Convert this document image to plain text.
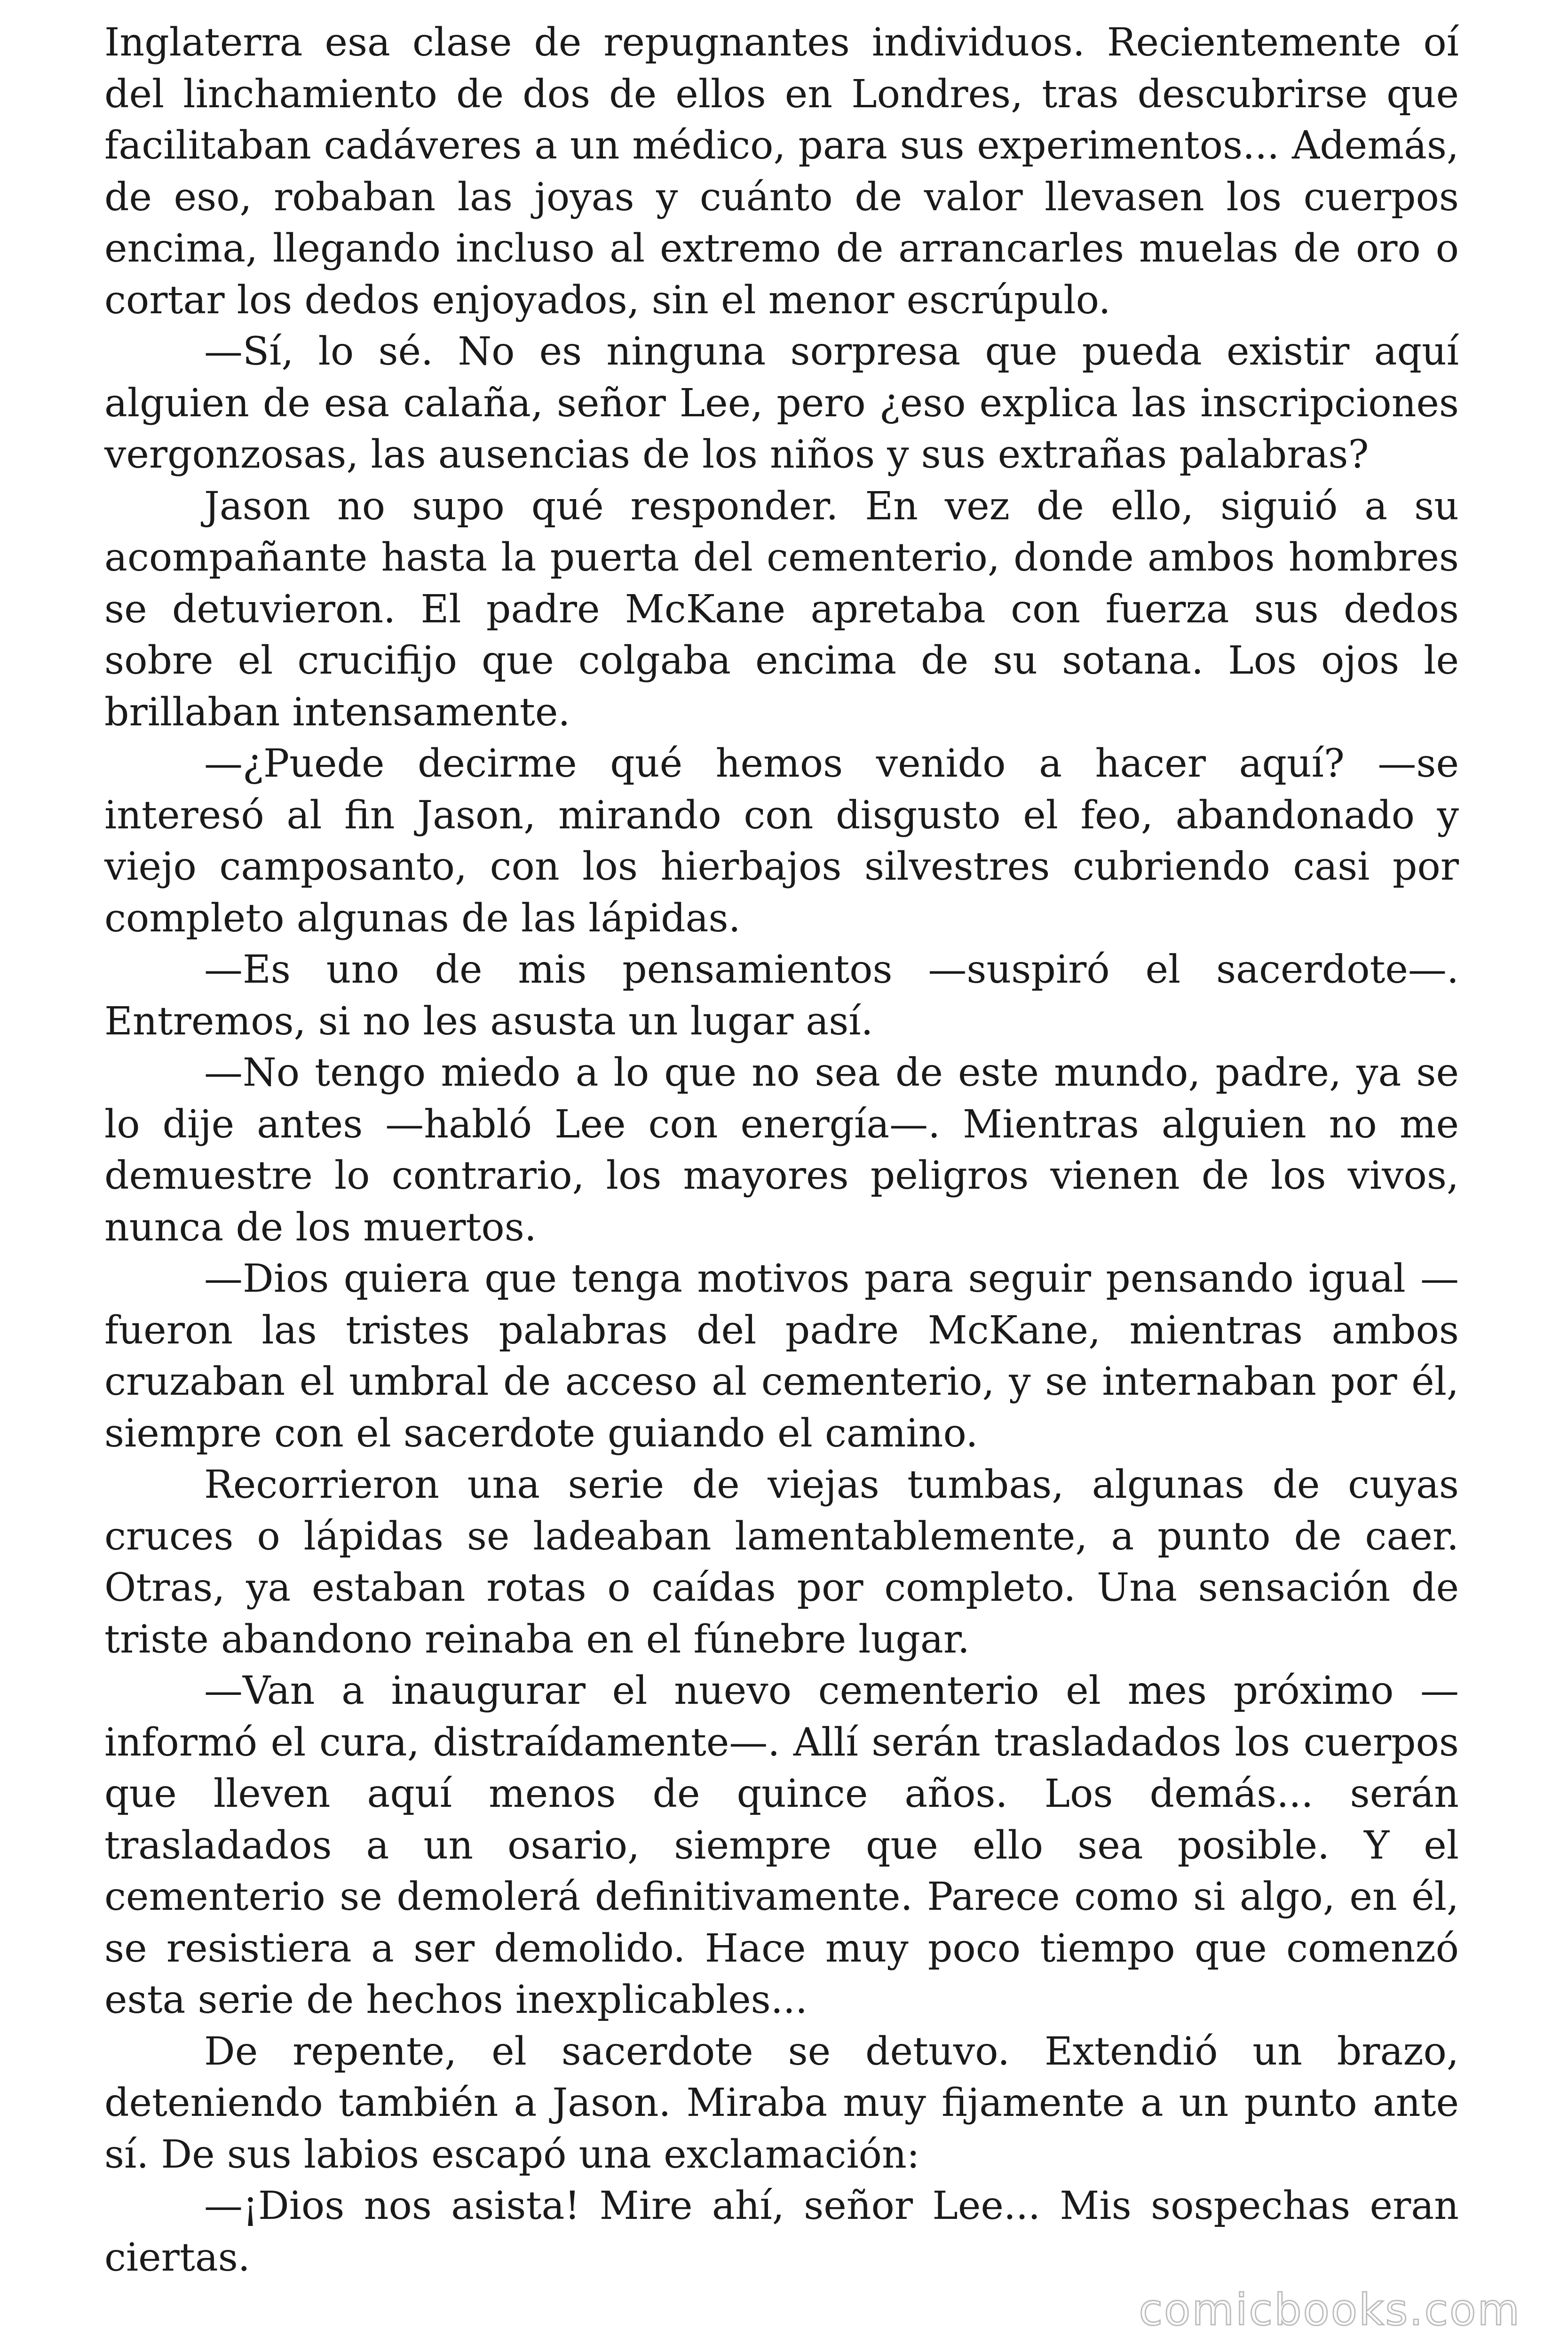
Inglaterra esa clase de repugnantes individuos. Recientemente oí del linchamiento de dos de ellos en Londres, tras descubrirse que facilitaban cadáveres a un médico, para sus experimentos... Además, de eso, robaban las joyas y cuánto de valor llevasen los cuerpos encima, llegando incluso al extremo de arrancarles muelas de oro o cortar los dedos enjoyados, sin el menor escrúpulo.

—Sí, lo sé. No es ninguna sorpresa que pueda existir aquí alguien de esa calaña, señor Lee, pero ¿eso explica las inscripciones vergonzosas, las ausencias de los niños y sus extrañas palabras?

Jason no supo qué responder. En vez de ello, siguió a su acompañante hasta la puerta del cementerio, donde ambos hombres se detuvieron. El padre McKane apretaba con fuerza sus dedos sobre el crucifijo que colgaba encima de su sotana. Los ojos le brillaban intensamente.

—¿Puede decirme qué hemos venido a hacer aquí? —se interesó al fin Jason, mirando con disgusto el feo, abandonado y viejo camposanto, con los hierbajos silvestres cubriendo casi por completo algunas de las lápidas.

—Es uno de mis pensamientos —suspiró el sacerdote—. Entremos, si no les asusta un lugar así.

—No tengo miedo a lo que no sea de este mundo, padre, ya se lo dije antes —habló Lee con energía—. Mientras alguien no me demuestre lo contrario, los mayores peligros vienen de los vivos, nunca de los muertos.

—Dios quiera que tenga motivos para seguir pensando igual —fueron las tristes palabras del padre McKane, mientras ambos cruzaban el umbral de acceso al cementerio, y se internaban por él, siempre con el sacerdote guiando el camino.

Recorrieron una serie de viejas tumbas, algunas de cuyas cruces o lápidas se ladeaban lamentablemente, a punto de caer. Otras, ya estaban rotas o caídas por completo. Una sensación de triste abandono reinaba en el fúnebre lugar.

—Van a inaugurar el nuevo cementerio el mes próximo —informó el cura, distraídamente—. Allí serán trasladados los cuerpos que lleven aquí menos de quince años. Los demás... serán trasladados a un osario, siempre que ello sea posible. Y el cementerio se demolerá definitivamente. Parece como si algo, en él, se resistiera a ser demolido. Hace muy poco tiempo que comenzó esta serie de hechos inexplicables...

De repente, el sacerdote se detuvo. Extendió un brazo, deteniendo también a Jason. Miraba muy fijamente a un punto ante sí. De sus labios escapó una exclamación:

—¡Dios nos asista! Mire ahí, señor Lee... Mis sospechas eran ciertas.

comicbooks.com
